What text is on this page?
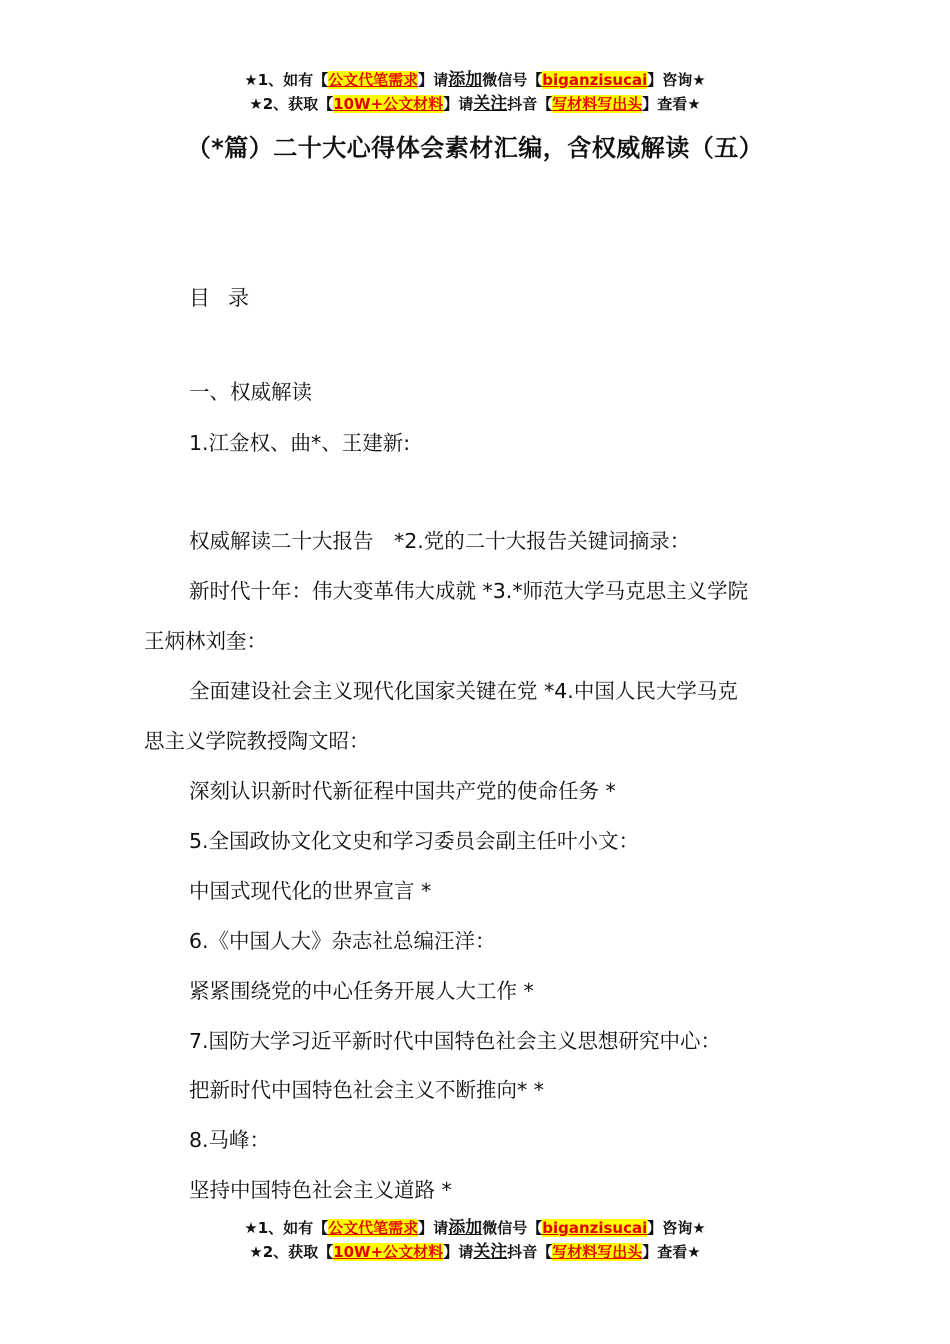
★1、如有【公文代笔需求】请添加微信号【biganzisucai】咨询★
★2、获取【10W+公文材料】请关注抖音【写材料写出头】查看★
（*篇）二十大心得体会素材汇编，含权威解读（五）
目录
一、权威解读
1.江金权、曲*、王建新:
权威解读二十大报告　*2.党的二十大报告关键词摘录：
新时代十年：伟大变革伟大成就 *3.*师范大学马克思主义学院
王炳林刘奎：
全面建设社会主义现代化国家关键在党 *4.中国人民大学马克
思主义学院教授陶文昭：
深刻认识新时代新征程中国共产党的使命任务 *
5.全国政协文化文史和学习委员会副主任叶小文：
中国式现代化的世界宣言 *
6.《中国人大》杂志社总编汪洋：
紧紧围绕党的中心任务开展人大工作 *
7.国防大学习近平新时代中国特色社会主义思想研究中心：
把新时代中国特色社会主义不断推向* *
8.马峰：
坚持中国特色社会主义道路 *
★1、如有【公文代笔需求】请添加微信号【biganzisucai】咨询★
★2、获取【10W+公文材料】请关注抖音【写材料写出头】查看★
